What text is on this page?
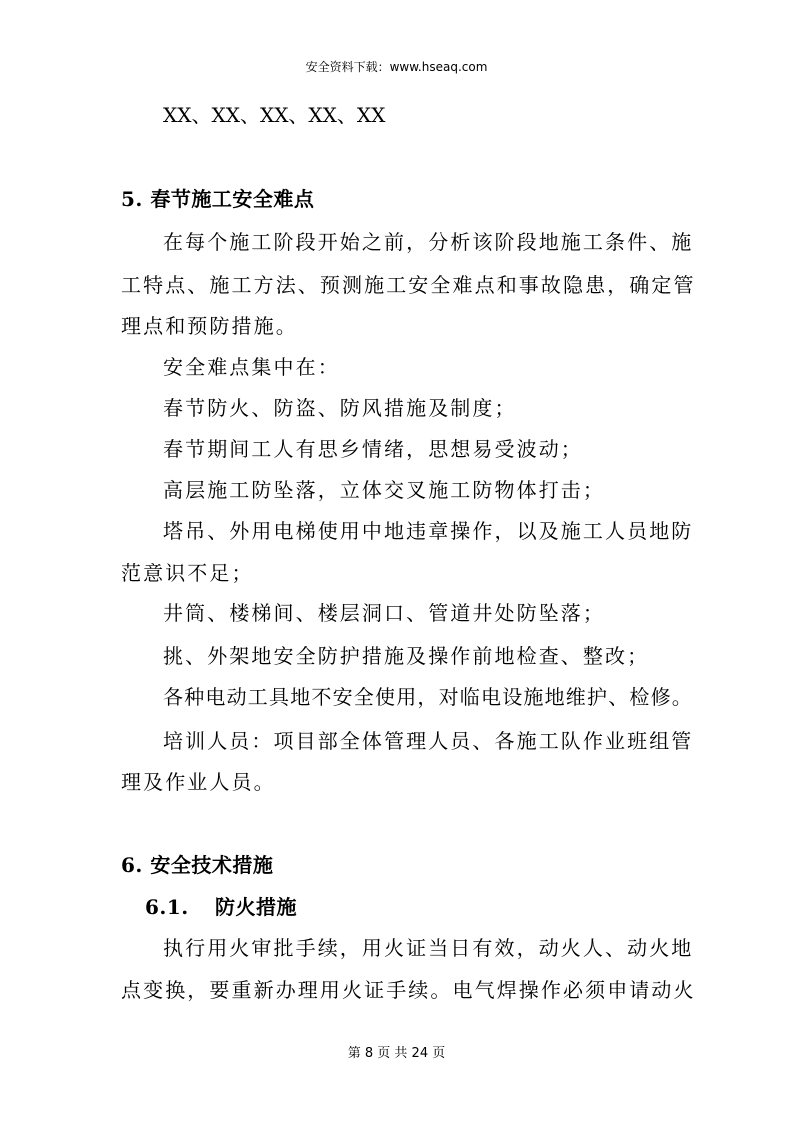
安全资料下载：www.hseaq.com
XX、XX、XX、XX、XX
5. 春节施工安全难点
在每个施工阶段开始之前，分析该阶段地施工条件、施
工特点、施工方法、预测施工安全难点和事故隐患，确定管
理点和预防措施。
安全难点集中在：
春节防火、防盗、防风措施及制度；
春节期间工人有思乡情绪，思想易受波动；
高层施工防坠落，立体交叉施工防物体打击；
塔吊、外用电梯使用中地违章操作，以及施工人员地防
范意识不足；
井筒、楼梯间、楼层洞口、管道井处防坠落；
挑、外架地安全防护措施及操作前地检查、整改；
各种电动工具地不安全使用，对临电设施地维护、检修。
培训人员：项目部全体管理人员、各施工队作业班组管
理及作业人员。
6. 安全技术措施
6.1. 防火措施
执行用火审批手续，用火证当日有效，动火人、动火地
点变换，要重新办理用火证手续。电气焊操作必须申请动火
第 8 页 共 24 页
